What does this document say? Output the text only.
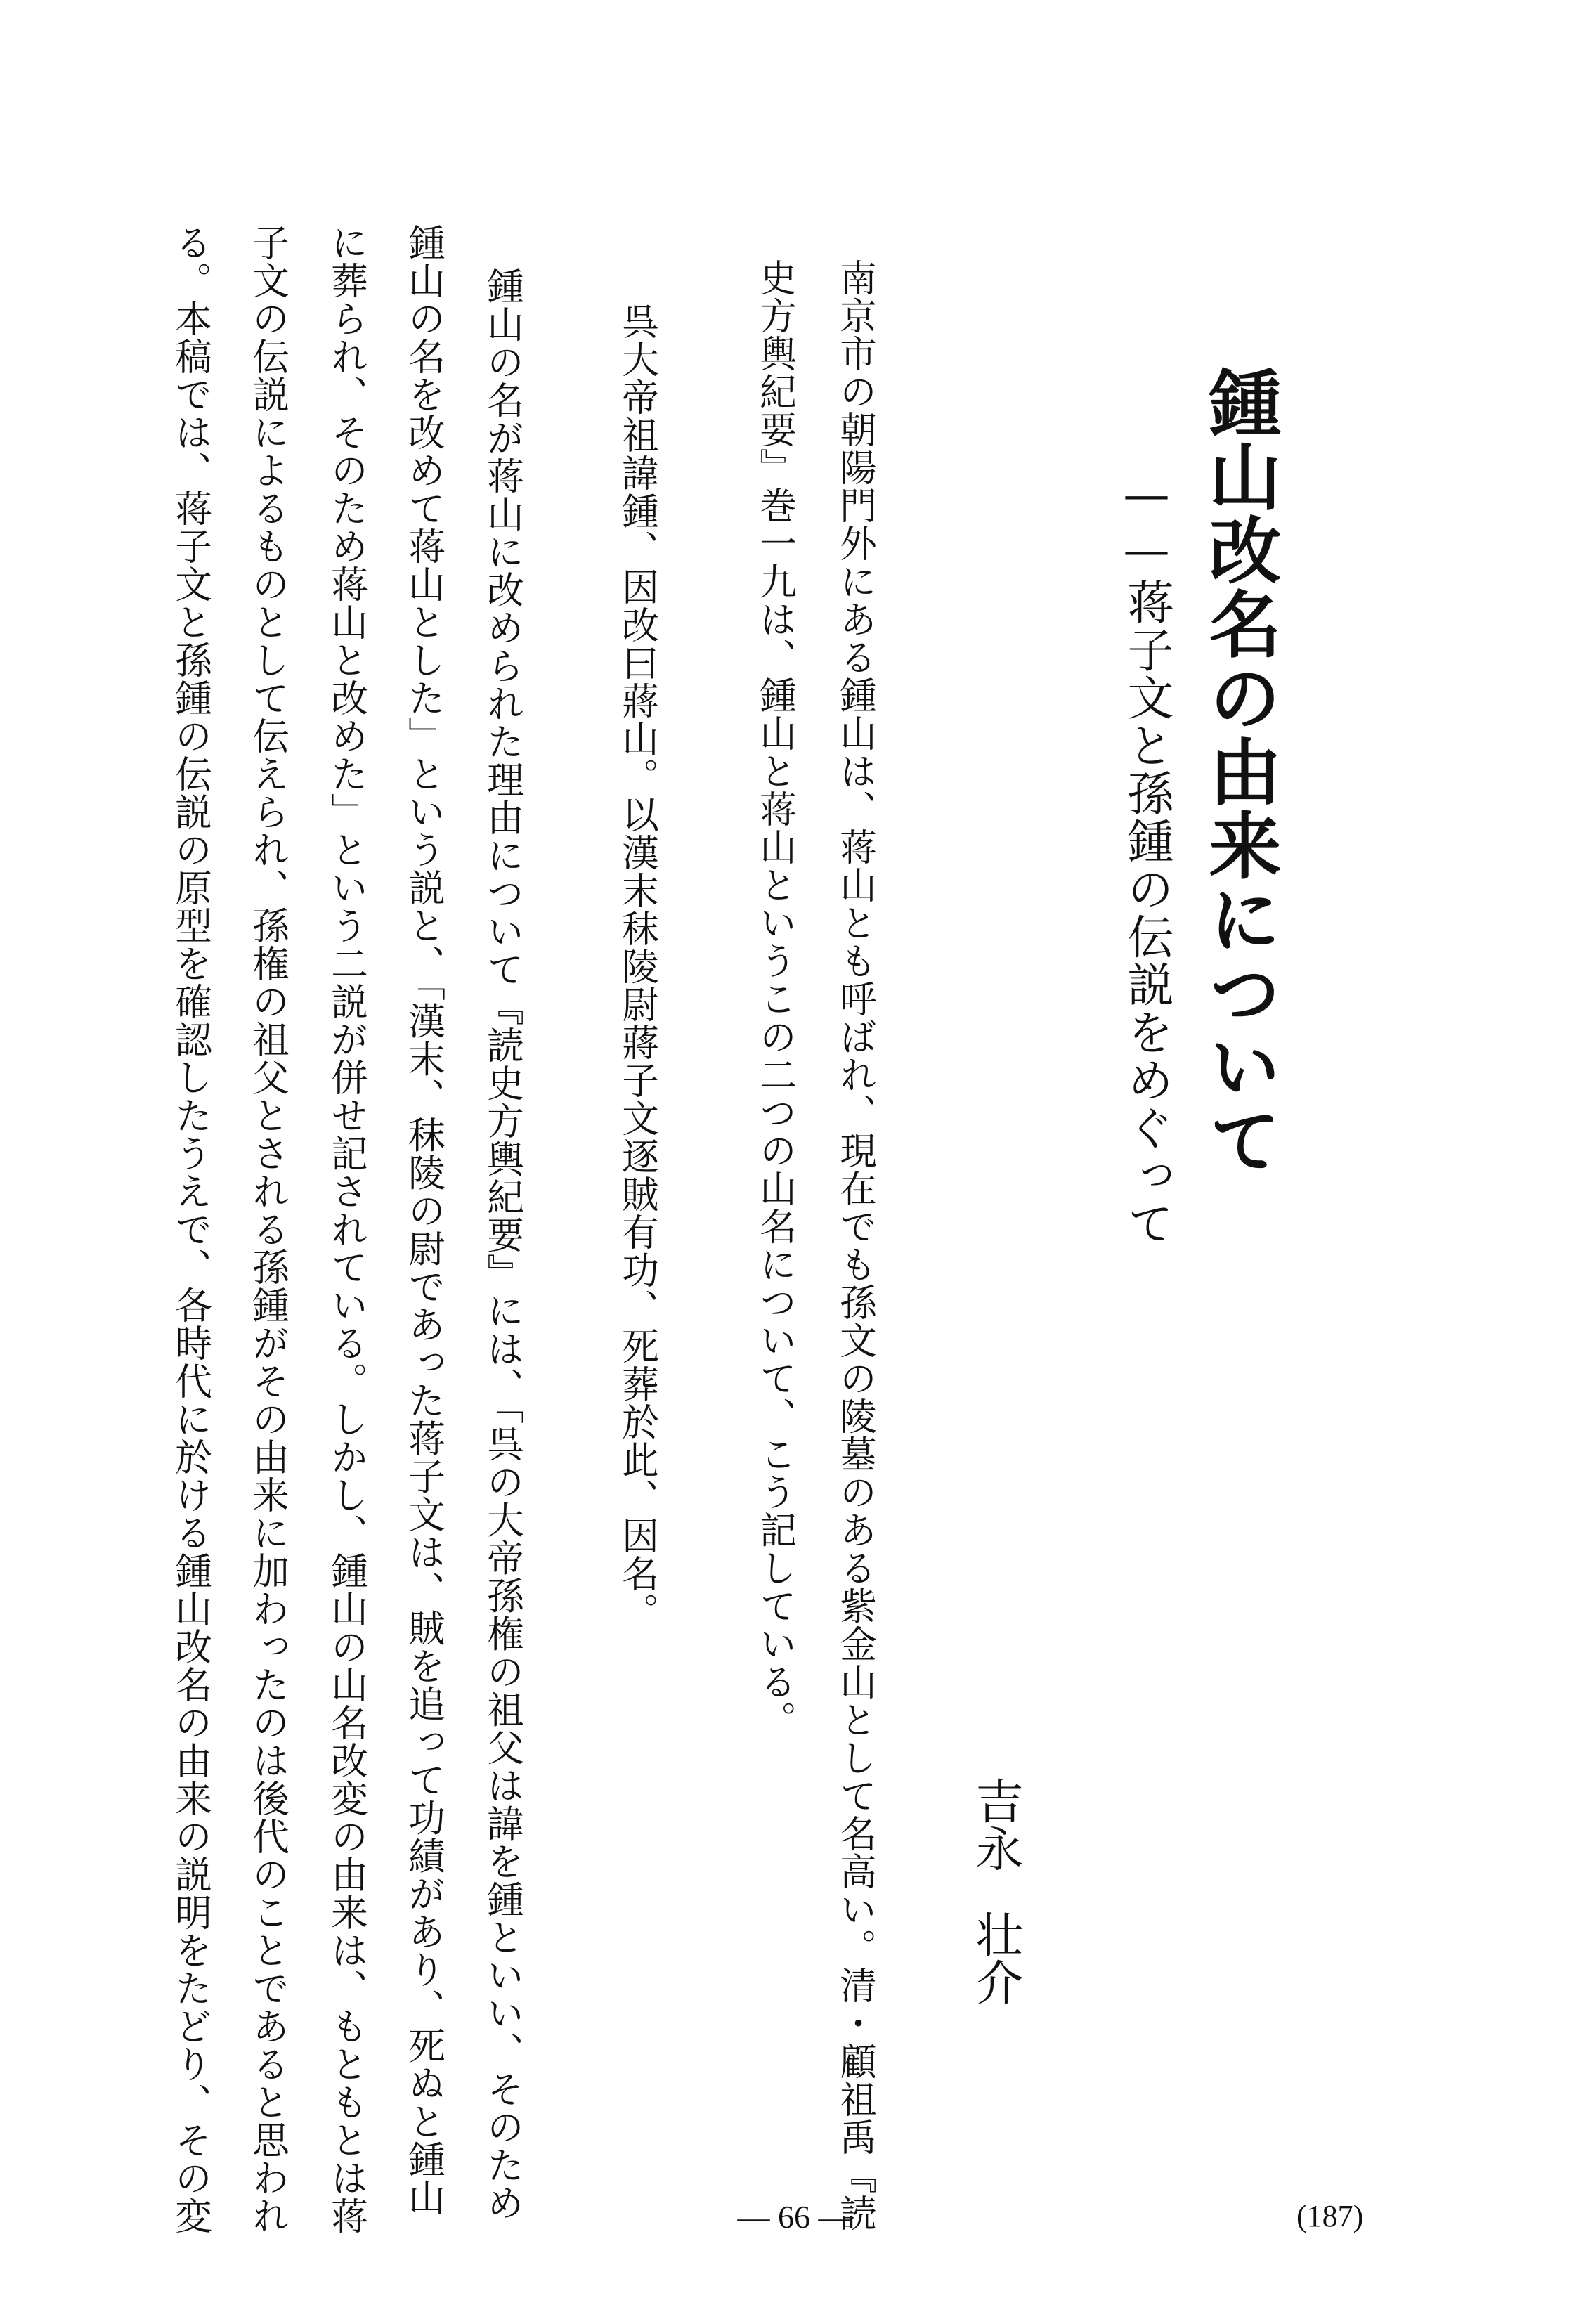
鍾山改名の由来について
——蒋子文と孫鍾の伝説をめぐって
吉永
壮介
南京市の朝陽門外にある鍾山は、蒋山とも呼ばれ、現在でも孫文の陵墓のある紫金山として名高い。清・顧祖禹『読
史方輿紀要』巻一九は、鍾山と蒋山というこの二つの山名について、こう記している。
呉大帝祖諱鍾、因改曰蔣山。以漢末秣陵尉蔣子文逐賊有功、死葬於此、因名。
鍾山の名が蒋山に改められた理由について『読史方輿紀要』には、「呉の大帝孫権の祖父は諱を鍾といい、そのため
鍾山の名を改めて蒋山とした」という説と、「漢末、秣陵の尉であった蒋子文は、賊を追って功績があり、死ぬと鍾山
に葬られ、そのため蒋山と改めた」という二説が併せ記されている。しかし、鍾山の山名改変の由来は、もともとは蒋
子文の伝説によるものとして伝えられ、孫権の祖父とされる孫鍾がその由来に加わったのは後代のことであると思われ
る。本稿では、蒋子文と孫鍾の伝説の原型を確認したうえで、各時代に於ける鍾山改名の由来の説明をたどり、その変	— 66 —	(187)
